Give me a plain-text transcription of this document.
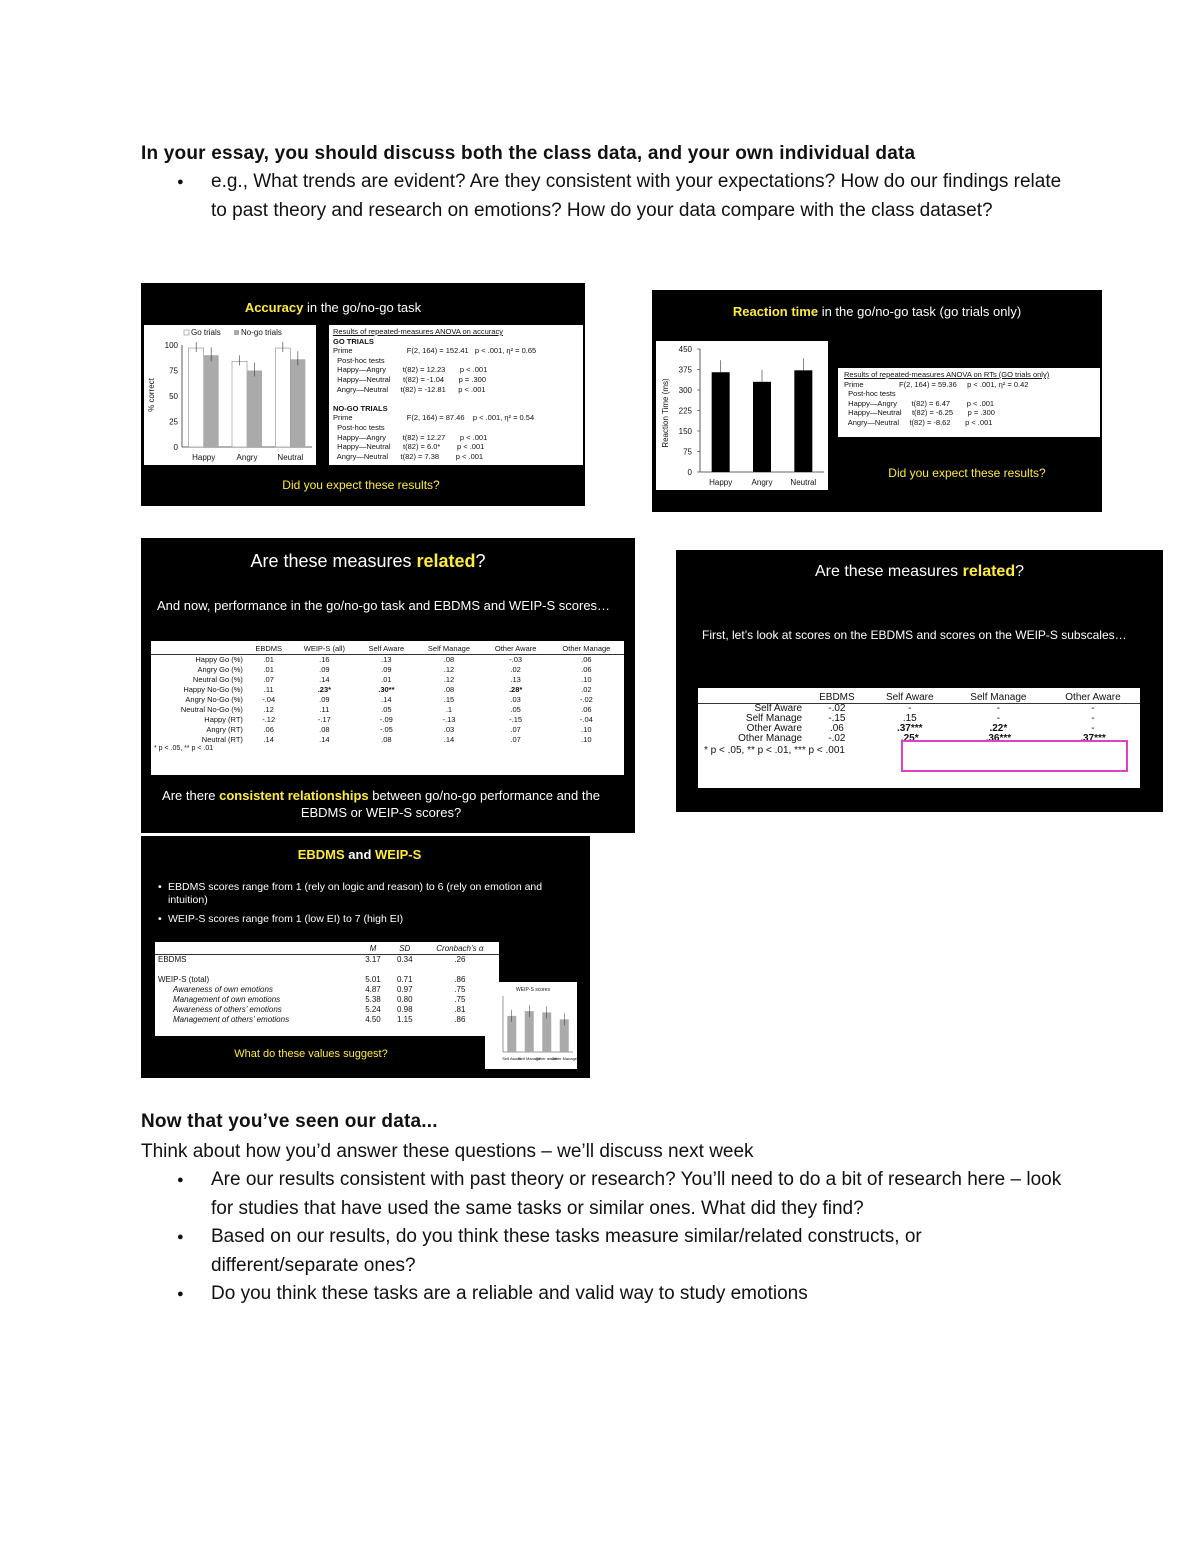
In your essay, you should discuss both the class data, and your own individual data
● e.g., What trends are evident? Are they consistent with your expectations? How do our findings relate to past theory and research on emotions? How do your data compare with the class dataset?
Accuracy in the go/no-go task
100
75
50
25
0
% correct
Happy	Angry Neutral
Go trials	No-go trials	Results of repeated-measures ANOVA on accuracy
GO TRIALS
Prime                          F(2, 164) = 152.41   p < .001, η² = 0.65
Post-hoc tests
Happy—Angry        t(82) = 12.23       p < .001
Happy—Neutral      t(82) = -1.04       p = .300
Angry—Neutral      t(82) = -12.81      p < .001

NO-GO TRIALS
Prime                          F(2, 164) = 87.46    p < .001, η² = 0.54
Post-hoc tests
Happy—Angry        t(82) = 12.27       p < .001
Happy—Neutral      t(82) = 6.0*        p < .001
Angry—Neutral      t(82) = 7.38        p < .001
Did you expect these results?
Reaction time in the go/no-go task (go trials only)
450
375
300
225
150
75
0
Reaction Time (ms)
Happy Angry Neutral
Results of repeated-measures ANOVA on RTs (GO trials only)
Prime                 F(2, 164) = 59.36     p < .001, η² = 0.42
Post-hoc tests
Happy—Angry       t(82) = 6.47        p < .001
Happy—Neutral     t(82) = -6.25       p = .300
Angry—Neutral     t(82) = -8.62       p < .001
Did you expect these results?
Are these measures related?
And now, performance in the go/no-go task and EBDMS and WEIP-S scores…
	EBDMS	WEIP-S (all)	Self Aware	Self Manage	Other Aware	Other Manage
Happy Go (%)	.01	.16	.13	.08	-.03	.06
Angry Go (%)	.01	.09	.09	.12	.02	.06
Neutral Go (%)	.07	.14	.01	.12	.13	.10
Happy No-Go (%)	.11	.23*	.30**	.08	.28*	.02
Angry No-Go (%)	-.04	.09	.14	.15	.03	-.02
Neutral No-Go (%)	.12	.11	.05	.1	.05	.06
Happy (RT)	-.12	-.17	-.09	-.13	-.15	-.04
Angry (RT)	.06	.08	-.05	.03	.07	.10
Neutral (RT)	.14	.14	.08	.14	.07	.10
* p < .05, ** p < .01
Are there consistent relationships between go/no-go performance and the EBDMS or WEIP-S scores?
Are these measures related?
First, let’s look at scores on the EBDMS and scores on the WEIP-S subscales…
	EBDMS	Self Aware	Self Manage	Other Aware
Self Aware	-.02	-	-	-
Self Manage	-.15	.15	-	-
Other Aware	.06	.37***	.22*	-
Other Manage	-.02	.25*	.36***	.37***
* p < .05, ** p < .01, *** p < .001
EBDMS and WEIP-S
• EBDMS scores range from 1 (rely on logic and reason) to 6 (rely on emotion and intuition)
• WEIP-S scores range from 1 (low EI) to 7 (high EI)
	M	SD	Cronbach’s α
EBDMS	3.17	0.34	.26

WEIP-S (total)	5.01	0.71	.86
Awareness of own emotions	4.87	0.97	.75
Management of own emotions	5.38	0.80	.75
Awareness of others’ emotions	5.24	0.98	.81
Management of others’ emotions	4.50	1.15	.86
WEIP-S scores
Self Aware
Self Manage
Other aware
Other Manage
What do these values suggest?
Now that you’ve seen our data...
Think about how you’d answer these questions – we’ll discuss next week
● Are our results consistent with past theory or research? You’ll need to do a bit of research here – look for studies that have used the same tasks or similar ones. What did they find?
● Based on our results, do you think these tasks measure similar/related constructs, or different/separate ones?
● Do you think these tasks are a reliable and valid way to study emotions
